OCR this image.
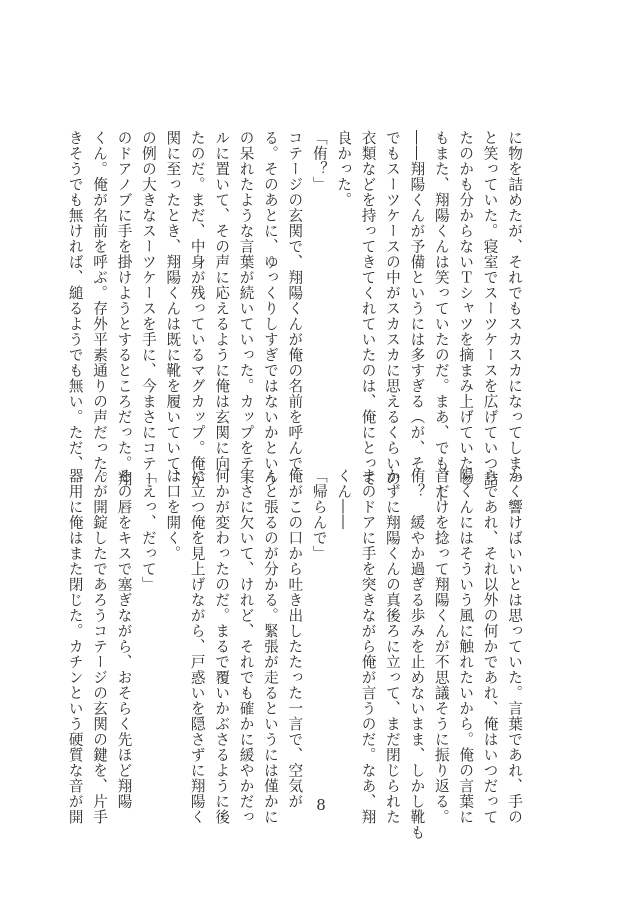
に物を詰めたが、それでもスカスカになってしまっ
と笑っていた。寝室でスーツケースを広げていつ詰
たのかも分からないＴシャツを摘まみ上げていたと
もまた、翔陽くんは笑っていたのだ。まあ、でも、―
――翔陽くんが予備というには多すぎる（が、そ
でもスーツケースの中がスカスカに思えるくらいの
衣類などを持ってきてくれていたのは、俺にとって
良かった。
「侑？」
コテージの玄関で、翔陽くんが俺の名前を呼んで
る。そのあとに、ゆっくりしすぎではないかという
の呆れたような言葉が続いていった。カップをテー
ルに置いて、その声に応えるように俺は玄関に向
たのだ。まだ、中身が残っているマグカップ。俺が
関に至ったとき、翔陽くんは既に靴を履いていて、
の例の大きなスーツケースを手に、今まさにコテー
のドアノブに手を掛けようとするところだった。翔
くん。俺が名前を呼ぶ。存外平素通りの声だった。
きそうでも無ければ、縋るようでも無い。ただ、
かく響けばいいとは思っていた。言葉であれ、手の
らであれ、それ以外の何かであれ、俺はいつだって
陽くんにはそういう風に触れたいから。俺の言葉に
首だけを捻って翔陽くんが不思議そうに振り返る。
侑？　緩やか過ぎる歩みを止めないまま、しかし靴も
かずに翔陽くんの真後ろに立って、まだ閉じられた
まのドアに手を突きながら俺が言うのだ。なあ、翔
くん――
「帰らんで」
俺がこの口から吐き出したたった一言で、空気が
んと張るのが分かる。緊張が走るというには僅かに
実さに欠いて、けれど、それでも確かに緩やかだっ
何かが変わったのだ。まるで覆いかぶさるように後
に立つ俺を見上げながら、戸惑いを隠さずに翔陽く
は口を開く。
「えっ、だって」
その唇をキスで塞ぎながら、おそらく先ほど翔陽
んが開錠したであろうコテージの玄関の鍵を、片手
器用に俺はまた閉じた。カチンという硬質な音が開	8
